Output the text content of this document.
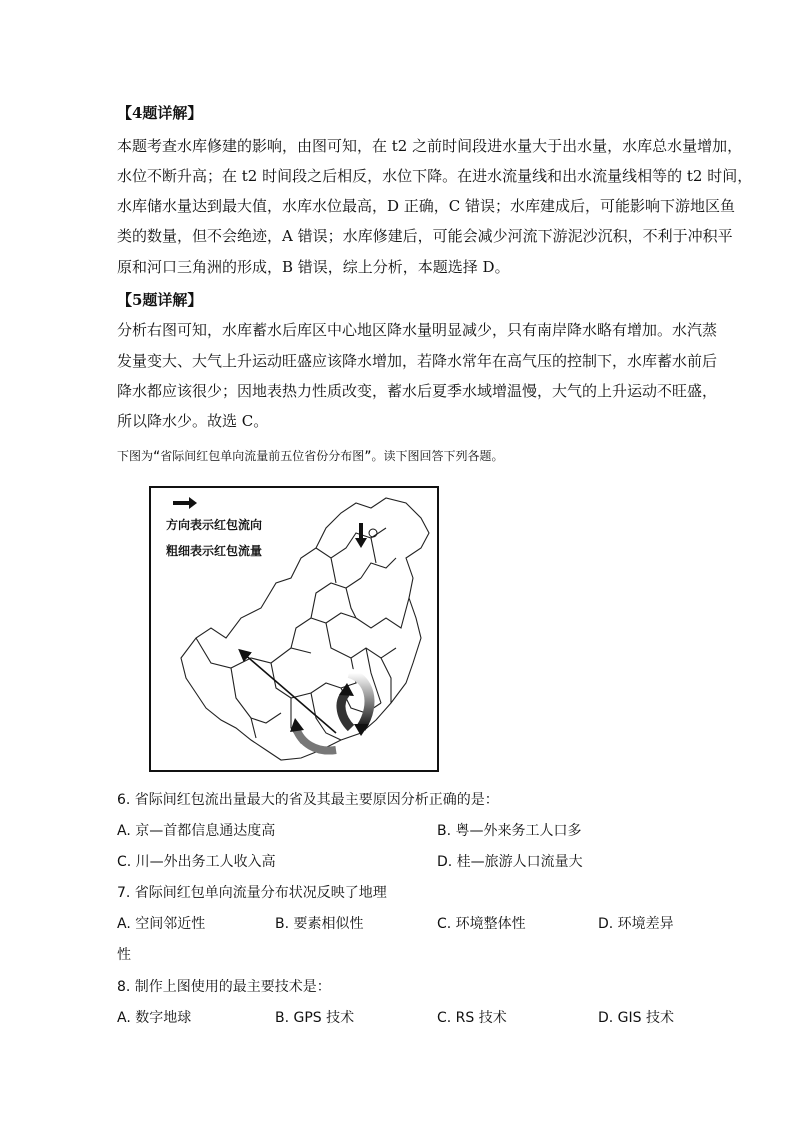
【4题详解】
本题考查水库修建的影响，由图可知，在 t2 之前时间段进水量大于出水量，水库总水量增加，
水位不断升高；在 t2 时间段之后相反，水位下降。在进水流量线和出水流量线相等的 t2 时间，
水库储水量达到最大值，水库水位最高，D 正确，C 错误；水库建成后，可能影响下游地区鱼
类的数量，但不会绝迹，A 错误；水库修建后，可能会减少河流下游泥沙沉积，不利于冲积平
原和河口三角洲的形成，B 错误，综上分析，本题选择 D。
【5题详解】
分析右图可知，水库蓄水后库区中心地区降水量明显减少，只有南岸降水略有增加。水汽蒸
发量变大、大气上升运动旺盛应该降水增加，若降水常年在高气压的控制下，水库蓄水前后
降水都应该很少；因地表热力性质改变，蓄水后夏季水域增温慢，大气的上升运动不旺盛，
所以降水少。故选 C。
下图为“省际间红包单向流量前五位省份分布图”。读下图回答下列各题。
方向表示红包流向
粗细表示红包流量
6. 省际间红包流出量最大的省及其最主要原因分析正确的是：
A. 京—首都信息通达度高	B. 粤—外来务工人口多
C. 川—外出务工人收入高	D. 桂—旅游人口流量大
7. 省际间红包单向流量分布状况反映了地理
A. 空间邻近性	B. 要素相似性	C. 环境整体性	D. 环境差异
性
8. 制作上图使用的最主要技术是：
A. 数字地球	B. GPS 技术	C. RS 技术	D. GIS 技术
